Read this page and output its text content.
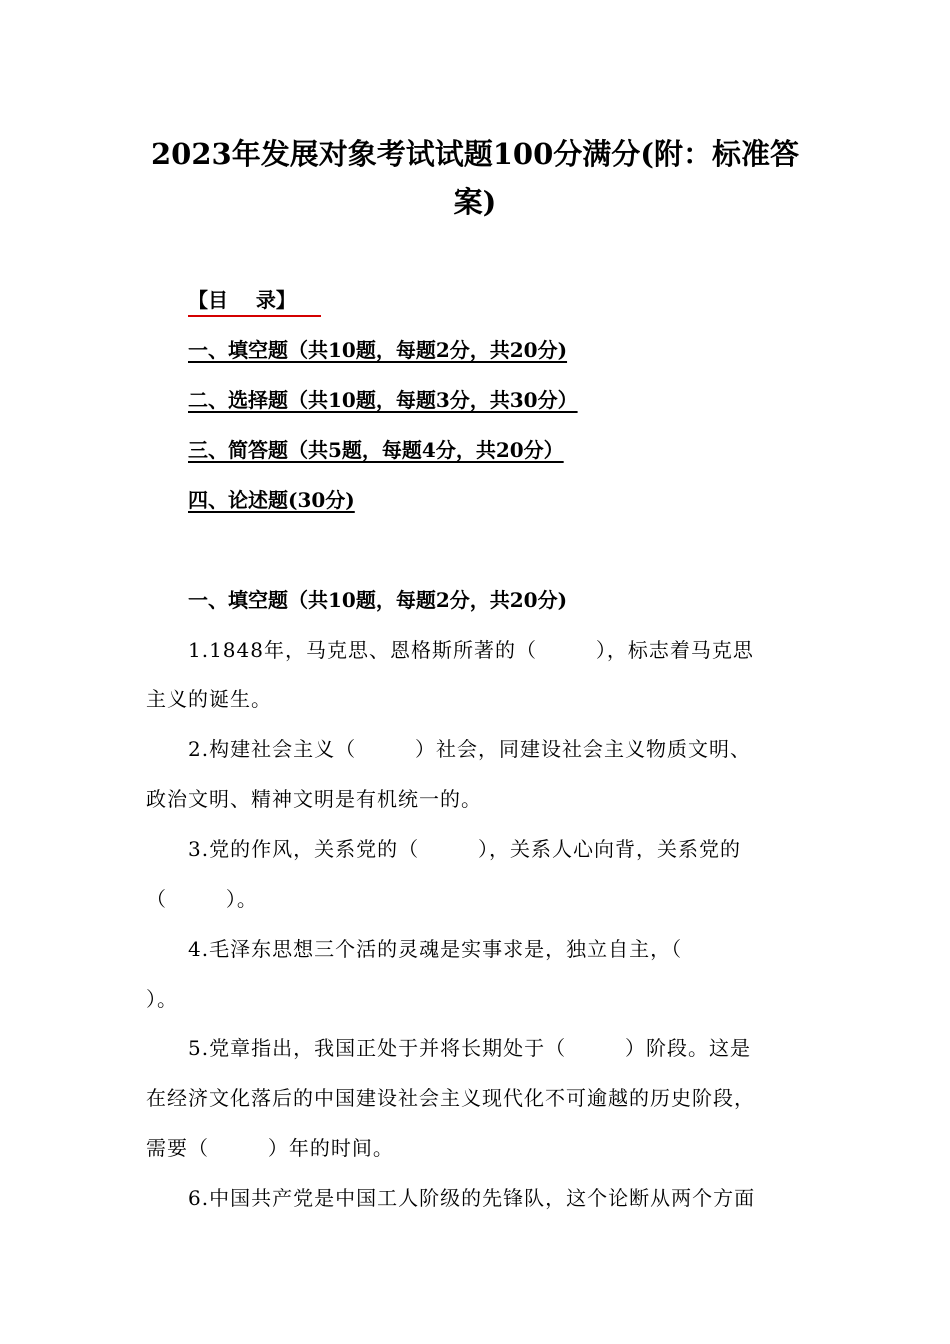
2023年发展对象考试试题100分满分(附：标准答
案)
【目    录】
一、填空题（共10题，每题2分，共20分)
二、选择题（共10题，每题3分，共30分）
三、简答题（共5题，每题4分，共20分）
四、论述题(30分)
一、填空题（共10题，每题2分，共20分)
1.1848年，马克思、恩格斯所著的（        ），标志着马克思
主义的诞生。
2.构建社会主义（        ）社会，同建设社会主义物质文明、
政治文明、精神文明是有机统一的。
3.党的作风，关系党的（        ），关系人心向背，关系党的
（        ）。
4.毛泽东思想三个活的灵魂是实事求是，独立自主，（
）。
5.党章指出，我国正处于并将长期处于（        ）阶段。这是
在经济文化落后的中国建设社会主义现代化不可逾越的历史阶段，
需要（        ）年的时间。
6.中国共产党是中国工人阶级的先锋队，这个论断从两个方面
